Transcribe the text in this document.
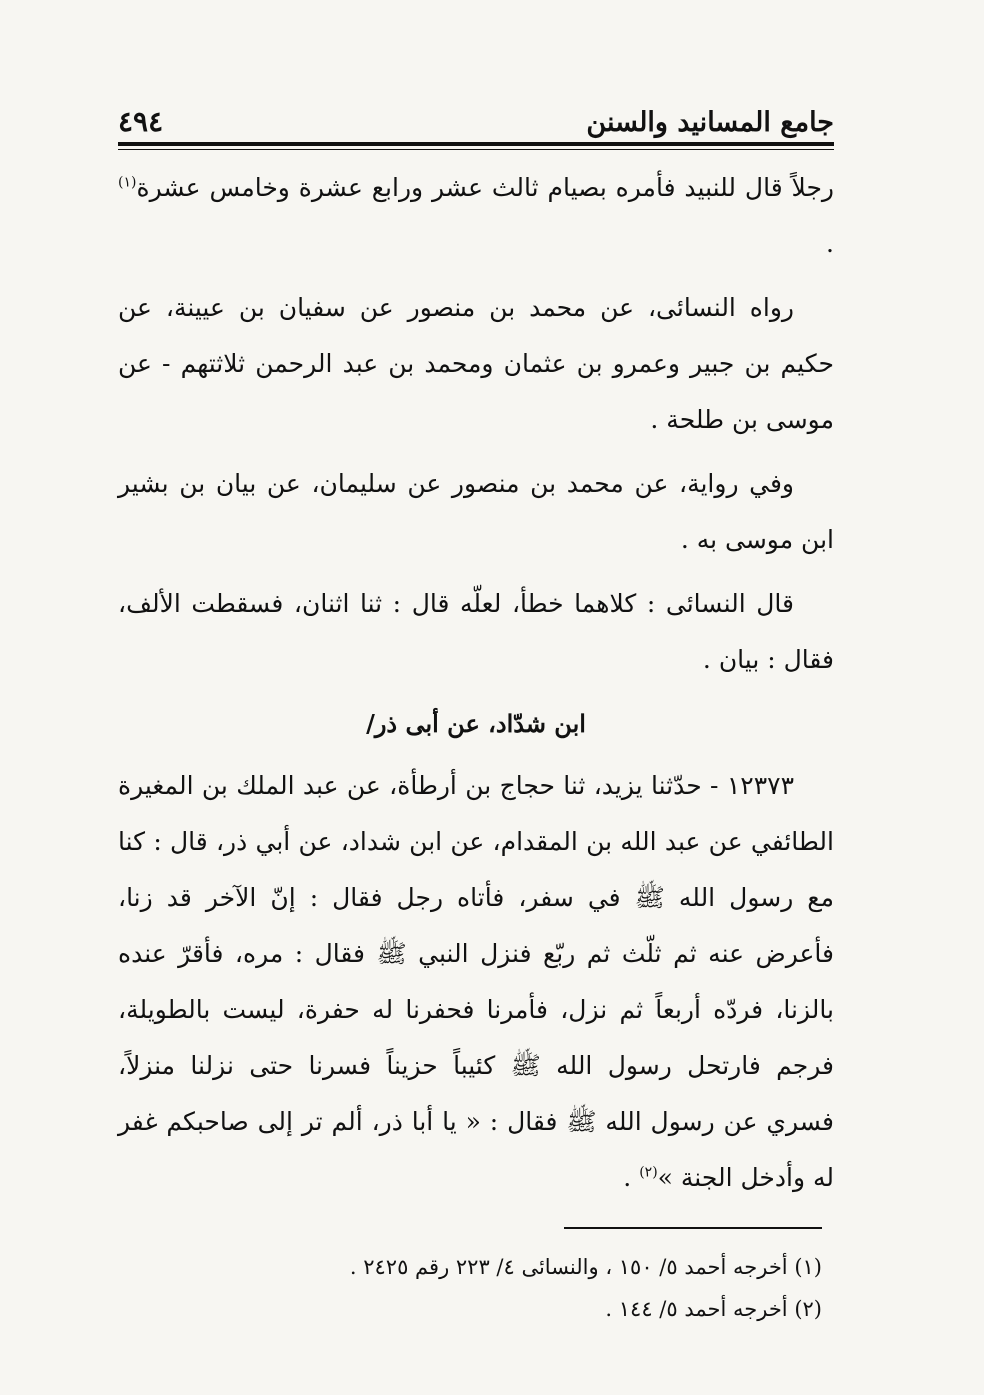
جامع المسانيد والسنن
٤٩٤

رجلاً قال للنبيد فأمره بصيام ثالث عشر ورابع عشرة وخامس عشرة$^{(١)}$ .

رواه النسائى، عن محمد بن منصور عن سفيان بن عيينة، عن حكيم بن جبير وعمرو بن عثمان ومحمد بن عبد الرحمن ثلاثتهم - عن موسى بن طلحة .

وفي رواية، عن محمد بن منصور عن سليمان، عن بيان بن بشير ابن موسى به .

قال النسائى : كلاهما خطأ، لعلّه قال : ثنا اثنان، فسقطت الألف، فقال : بيان .

ابن شدّاد، عن أبى ذر/

١٢٣٧٣ - حدّثنا يزيد، ثنا حجاج بن أرطأة، عن عبد الملك بن المغيرة الطائفي عن عبد الله بن المقدام، عن ابن شداد، عن أبي ذر، قال : كنا مع رسول الله ﷺ في سفر، فأتاه رجل فقال : إنّ الآخر قد زنا، فأعرض عنه ثم ثلّث ثم ربّع فنزل النبي ﷺ فقال : مره، فأقرّ عنده بالزنا، فردّه أربعاً ثم نزل، فأمرنا فحفرنا له حفرة، ليست بالطويلة، فرجم فارتحل رسول الله ﷺ كئيباً حزيناً فسرنا حتى نزلنا منزلاً، فسري عن رسول الله ﷺ فقال : « يا أبا ذر، ألم تر إلى صاحبكم غفر له وأدخل الجنة »$^{(٢)}$ .

(١) أخرجه أحمد ٥/ ١٥٠ ، والنسائى ٤/ ٢٢٣ رقم ٢٤٢٥ .
(٢) أخرجه أحمد ٥/ ١٤٤ .
